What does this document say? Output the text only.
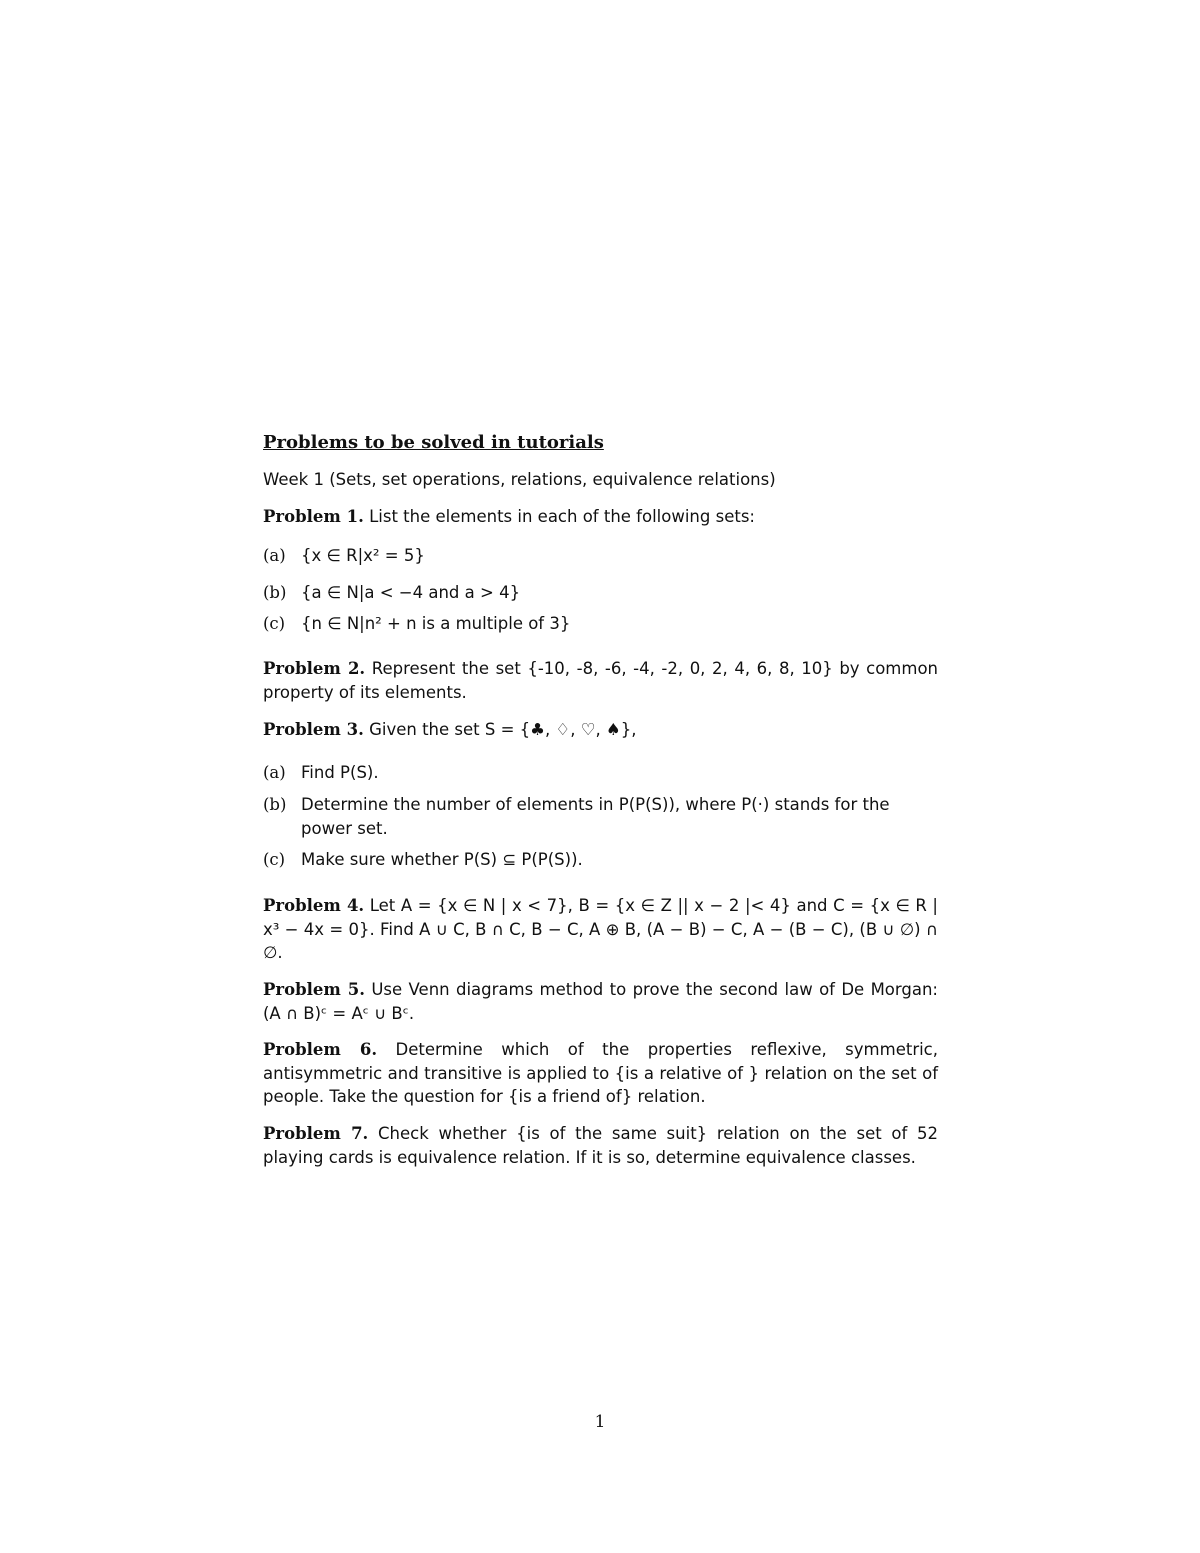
Problems to be solved in tutorials
Week 1 (Sets, set operations, relations, equivalence relations)
Problem 1. List the elements in each of the following sets:
(a) {x ∈ R|x² = 5}
(b) {a ∈ N|a < −4 and a > 4}
(c) {n ∈ N|n² + n is a multiple of 3}
Problem 2. Represent the set {-10, -8, -6, -4, -2, 0, 2, 4, 6, 8, 10} by common property of its elements.
Problem 3. Given the set S = {♣, ♢, ♡, ♠},
(a) Find P(S).
(b) Determine the number of elements in P(P(S)), where P(·) stands for the power set.
(c) Make sure whether P(S) ⊆ P(P(S)).
Problem 4. Let A = {x ∈ N | x < 7}, B = {x ∈ Z || x − 2 |< 4} and C = {x ∈ R | x³ − 4x = 0}. Find A ∪ C, B ∩ C, B − C, A ⊕ B, (A − B) − C, A − (B − C), (B ∪ ∅) ∩ ∅.
Problem 5. Use Venn diagrams method to prove the second law of De Morgan: (A ∩ B)ᶜ = Aᶜ ∪ Bᶜ.
Problem 6. Determine which of the properties reflexive, symmetric, antisymmetric and transitive is applied to {is a relative of } relation on the set of people. Take the question for {is a friend of} relation.
Problem 7. Check whether {is of the same suit} relation on the set of 52 playing cards is equivalence relation. If it is so, determine equivalence classes.
1
